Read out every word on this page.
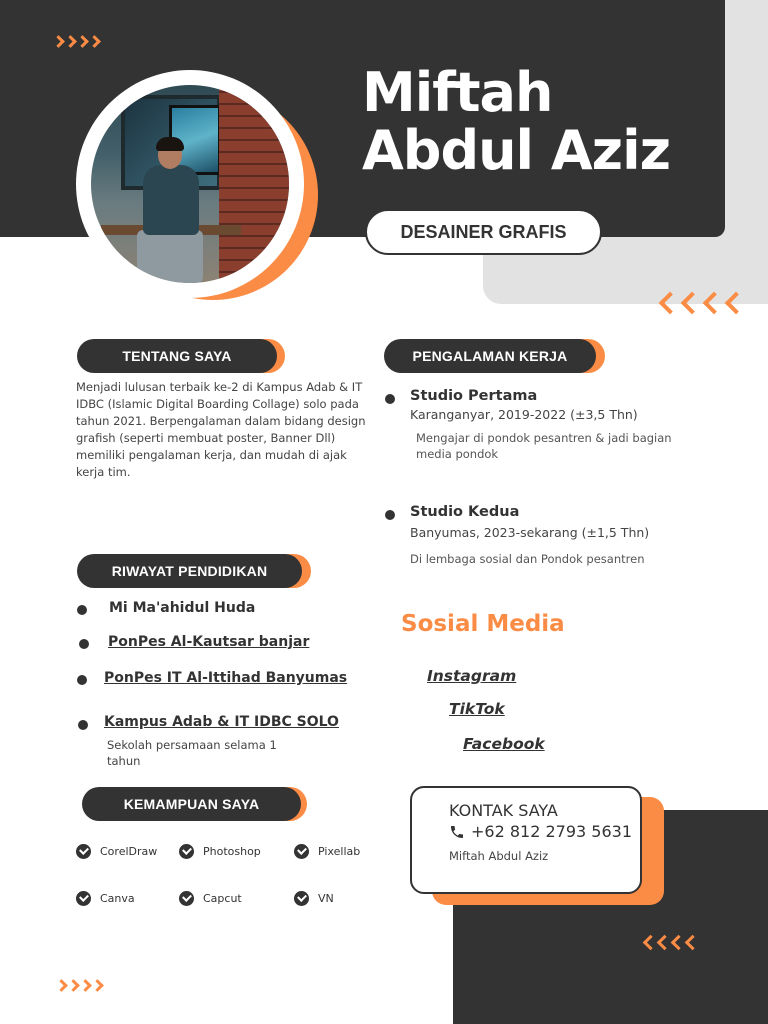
Miftah
Abdul Aziz
DESAINER GRAFIS
TENTANG SAYA
Menjadi lulusan terbaik ke-2 di Kampus Adab & IT IDBC (Islamic Digital Boarding Collage) solo pada tahun 2021. Berpengalaman dalam bidang design grafish (seperti membuat poster, Banner Dll) memiliki pengalaman kerja, dan mudah di ajak kerja tim.
PENGALAMAN KERJA
Studio Pertama
Karanganyar, 2019-2022 (±3,5 Thn)
Mengajar di pondok pesantren & jadi bagian media pondok
Studio Kedua
Banyumas, 2023-sekarang (±1,5 Thn)
Di lembaga sosial dan Pondok pesantren
RIWAYAT PENDIDIKAN
Mi Ma'ahidul Huda
PonPes Al-Kautsar banjar
PonPes IT Al-Ittihad Banyumas
Kampus Adab & IT IDBC SOLO
Sekolah persamaan selama 1 tahun
Sosial Media
Instagram
TikTok
Facebook
KEMAMPUAN SAYA
CorelDraw	Photoshop	Pixellab
Canva	Capcut	VN
KONTAK SAYA
+62 812 2793 5631
Miftah Abdul Aziz
